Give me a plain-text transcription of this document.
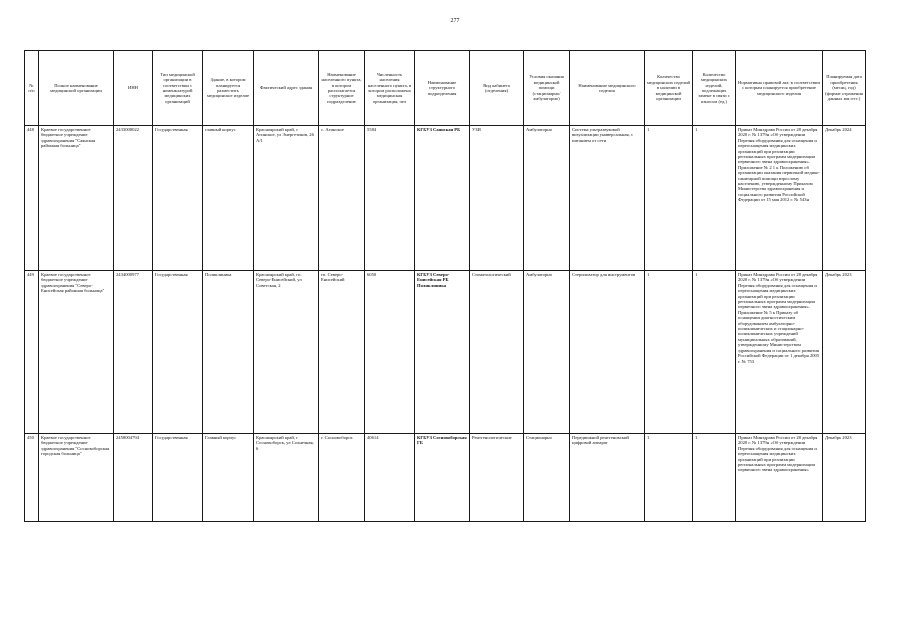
277
№ п/п	Полное наименование медицинской организации	ИНН	Тип медицинской организации в соответствии с номенклатурой медицинских организаций	Здание, в котором планируется разместить медицинское изделие	Фактический адрес здания	Наименование населенного пункта, в котором располагается структурное подразделение	Численность населения населенного пункта, в котором расположена медицинская организация, чел	Наименование структурного подразделения	Вид кабинета (отделения)	Условия оказания медицинской помощи (стационарно/амбулаторно)	Наименование медицинского изделия	Количество медицинских изделий в наличии в медицинской организации	Количество медицинских изделий, подлежащих замене в связи с износом (ед.)	Нормативно правовой акт, в соответствии с которым планируется приобретение медицинского изделия	Планируемая дата приобретения (месяц, год) (формат отражения данных мм гггг.)
448	Краевое государственное бюджетное учреждение здравоохранения "Саянская районная больница"	2433008022	Государственная	главный корпус	Красноярский край, с Агинское, ул Энергетиков, 26 А/1	с. Агинское	5584	КГБУЗ Саянская РБ	УЗИ	Амбулаторно	Система ультразвуковой визуализации универсальная, с питанием от сети	1	1	Приказ Минздрава России от 28 декабря 2020 г. № 1379н «Об утверждении Перечня оборудования для оснащения и переоснащения медицинских организаций при реализации региональных программ модернизации первичного звена здравоохранения». Приложение № 2 1 к Положению об организации оказания первичной медико-санитарной помощи взрослому населению, утвержденному Приказом Министерства здравоохранения и социального развития Российской Федерации от 15 мая 2012 г. № 543н	Декабрь 2024
449	Краевое государственное бюджетное учреждение здравоохранения "Северо-Енисейская районная больница"	2434000977	Государственная	Поликлиника	Красноярский край, гп. Северо-Енисейский, ул Советская, 2	гп. Северо-Енисейский	6050	КГБУЗ Северо-Енисейская РБ Поликлиника	Стоматологический	Амбулаторно	Стерилизатор для инструментов	1	1	Приказ Минздрава России от 28 декабря 2020 г. № 1379н «Об утверждении Перечня оборудования для оснащения и переоснащения медицинских организаций при реализации региональных программ модернизации первичного звена здравоохранения». Приложение № 5 к Приказу об оснащении диагностическим оборудованием амбулаторно-поликлинических и стационарно-поликлинических учреждений муниципальных образований, утвержденному Министерством здравоохранения и социального развития Российской Федерации от 1 декабря 2005 г. № 753	Декабрь 2023
450	Краевое государственное бюджетное учреждение здравоохранения "Сосновоборская городская больница"	2458004794	Государственная	Главный корпус	Красноярский край, г Сосновоборск, ул Солнечная, 6	г. Сосновоборск	40614	КГБУЗ Сосновоборская ГБ	Рентгенологические	Стационарно	Передвижной рентгеновский цифровой аппарат	1	1	Приказ Минздрава России от 28 декабря 2020 г. № 1379н «Об утверждении Перечня оборудования для оснащения и переоснащения медицинских организаций при реализации региональных программ модернизации первичного звена здравоохранения»	Декабрь 2023
